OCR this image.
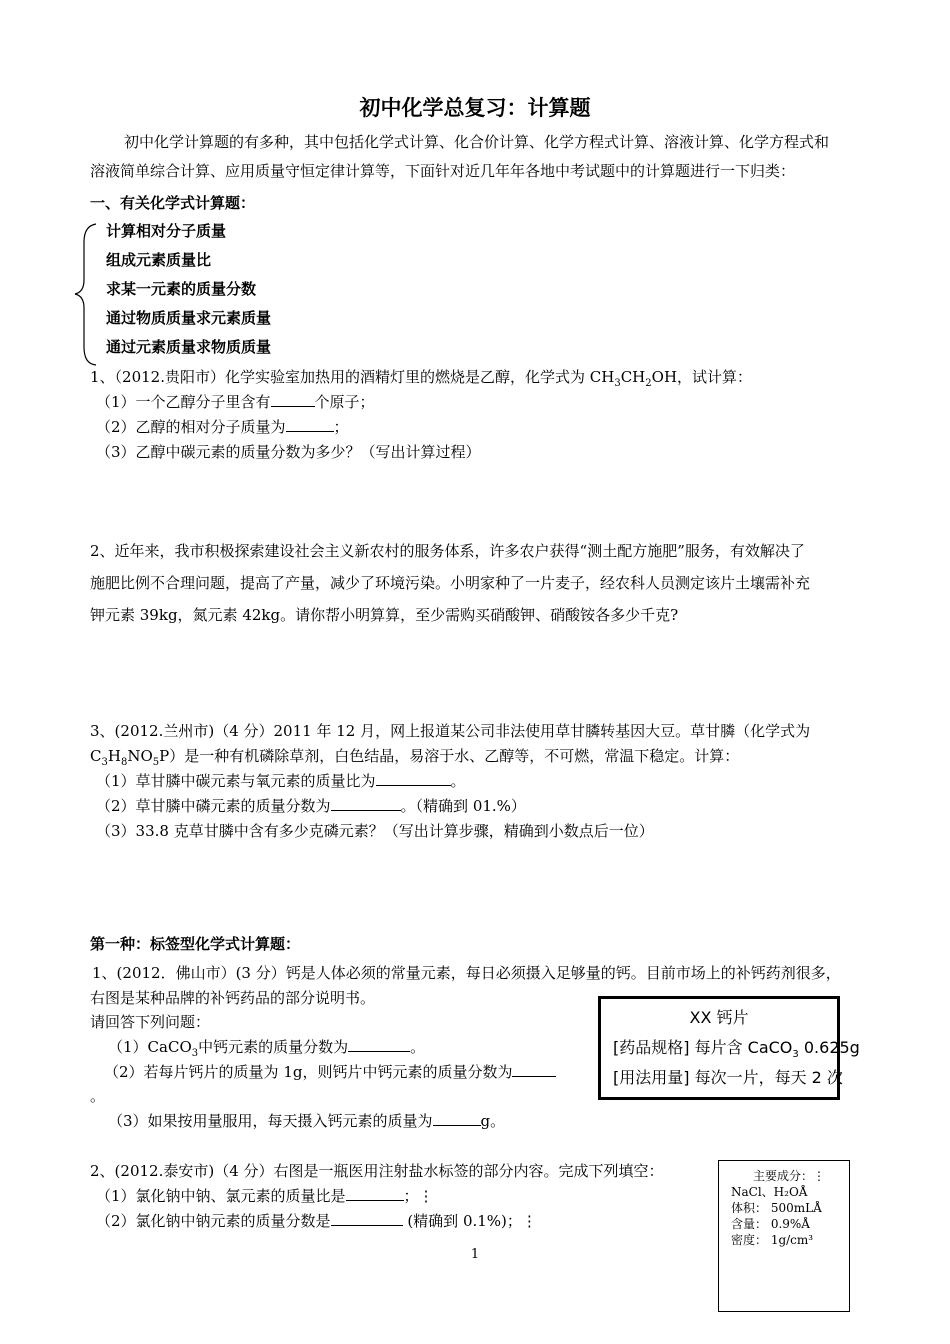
初中化学总复习：计算题
初中化学计算题的有多种，其中包括化学式计算、化合价计算、化学方程式计算、溶液计算、化学方程式和
溶液简单综合计算、应用质量守恒定律计算等，下面针对近几年年各地中考试题中的计算题进行一下归类：
一、有关化学式计算题：
计算相对分子质量
组成元素质量比
求某一元素的质量分数
通过物质质量求元素质量
通过元素质量求物质质量
1、（2012.贵阳市）化学实验室加热用的酒精灯里的燃烧是乙醇，化学式为 $CH_3CH_2OH$，试计算：
（1）一个乙醇分子里含有	个原子；
（2）乙醇的相对分子质量为	；
（3）乙醇中碳元素的质量分数为多少？（写出计算过程）
2、近年来，我市积极探索建设社会主义新农村的服务体系，许多农户获得“测土配方施肥”服务，有效解决了
施肥比例不合理问题，提高了产量，减少了环境污染。小明家种了一片麦子，经农科人员测定该片土壤需补充
钾元素 39kg，氮元素 42kg。请你帮小明算算，至少需购买硝酸钾、硝酸铵各多少千克?
3、(2012.兰州市)（4 分）2011 年 12 月，网上报道某公司非法使用草甘膦转基因大豆。草甘膦（化学式为
$C_3H_8NO_5P$）是一种有机磷除草剂，白色结晶，易溶于水、乙醇等，不可燃，常温下稳定。计算：
（1）草甘膦中碳元素与氧元素的质量比为	。
（2）草甘膦中磷元素的质量分数为	。（精确到 01.%）
（3）33.8 克草甘膦中含有多少克磷元素？（写出计算步骤，精确到小数点后一位）
第一种：标签型化学式计算题：
1、(2012．佛山市）(3 分）钙是人体必须的常量元素，每日必须摄入足够量的钙。目前市场上的补钙药剂很多，
右图是某种品牌的补钙药品的部分说明书。
请回答下列问题：
（1）CaCO$_3$中钙元素的质量分数为	。
（2）若每片钙片的质量为 1g，则钙片中钙元素的质量分数为
。
（3）如果按用量服用，每天摄入钙元素的质量为	g。
XX 钙片
[药品规格] 每片含 CaCO$_3$ 0.625g
[用法用量] 每次一片，每天 2 次
2、(2012.泰安市)（4 分）右图是一瓶医用注射盐水标签的部分内容。完成下列填空：
（1）氯化钠中钠、氯元素的质量比是	；⋮
（2）氯化钠中钠元素的质量分数是	(精确到 0.1%)；⋮
主要成分：⋮
NaCl、H₂OÅ
体积： 500mLÅ
含量： 0.9%Å
密度： 1g/cm³
1
